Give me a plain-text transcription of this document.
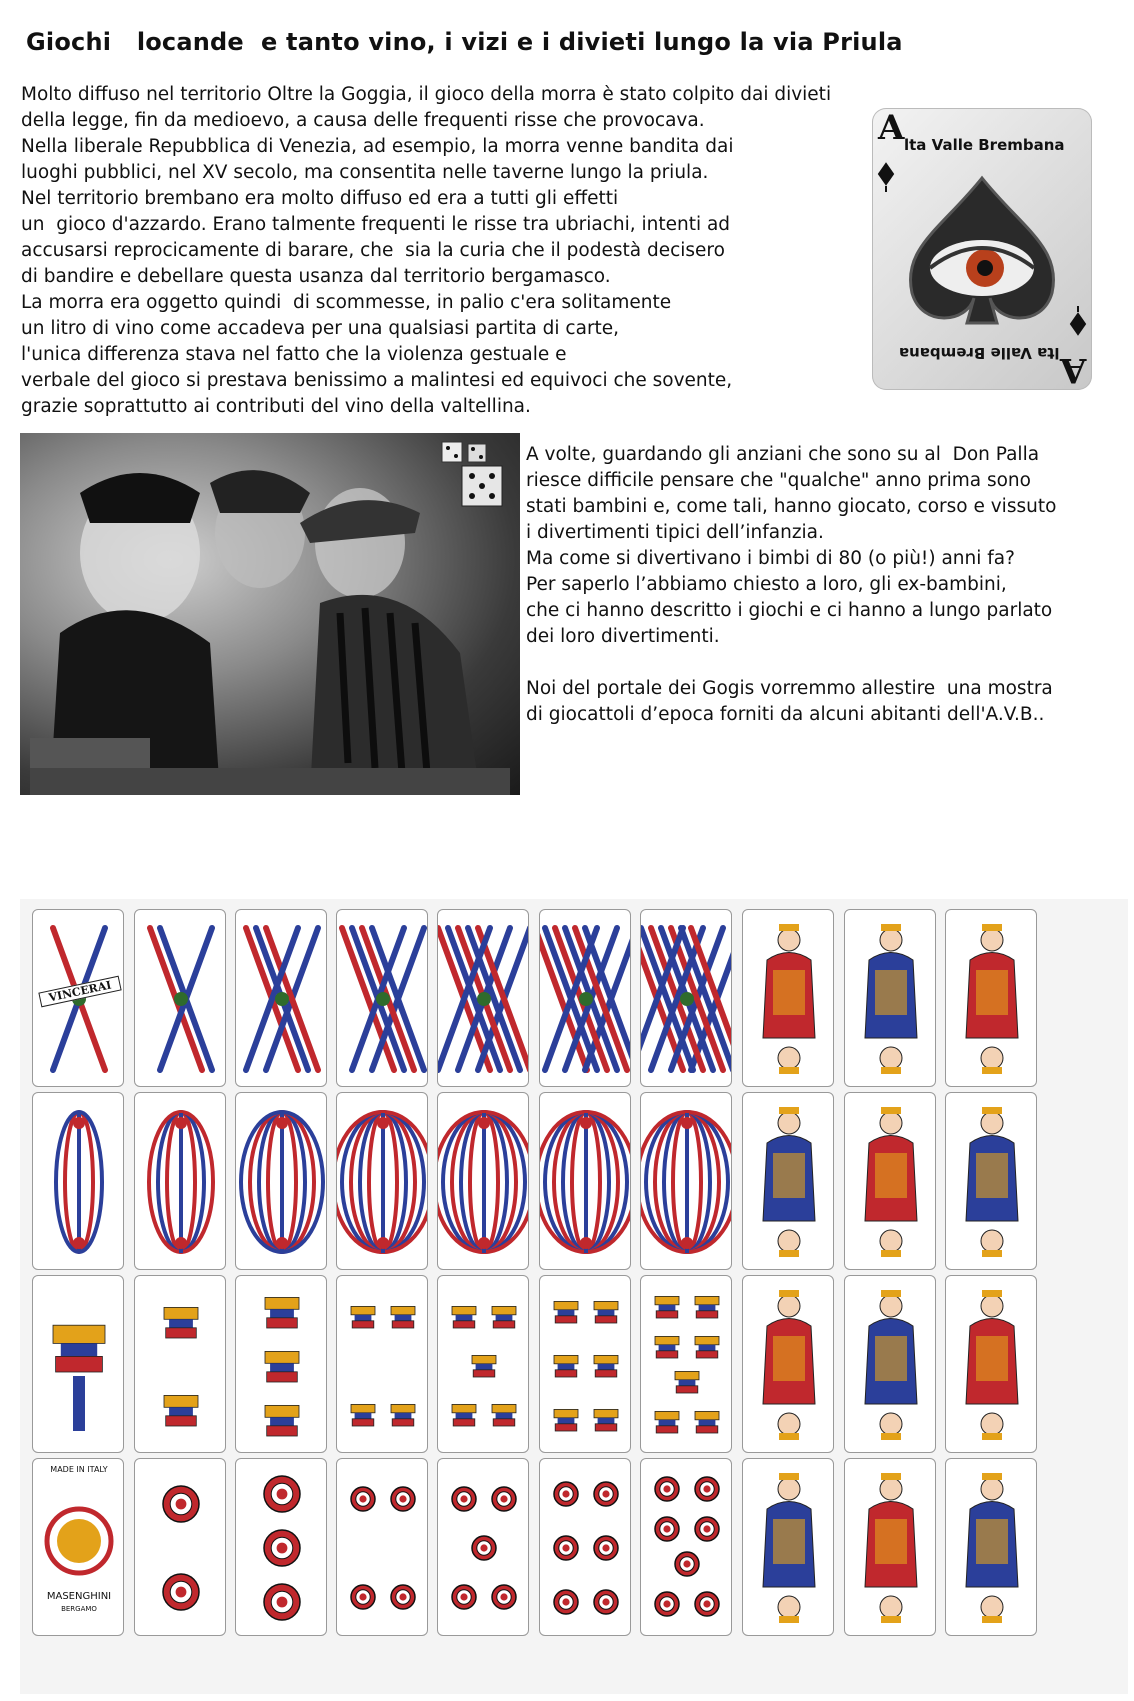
Giochi   locande  e tanto vino, i vizi e i divieti lungo la via Priula
Molto diffuso nel territorio Oltre la Goggia, il gioco della morra è stato colpito dai divieti
della legge, fin da medioevo, a causa delle frequenti risse che provocava.
Nella liberale Repubblica di Venezia, ad esempio, la morra venne bandita dai
luoghi pubblici, nel XV secolo, ma consentita nelle taverne lungo la priula.
Nel territorio brembano era molto diffuso ed era a tutti gli effetti
un  gioco d'azzardo. Erano talmente frequenti le risse tra ubriachi, intenti ad
accusarsi reprocicamente di barare, che  sia la curia che il podestà decisero
di bandire e debellare questa usanza dal territorio bergamasco.
La morra era oggetto quindi  di scommesse, in palio c'era solitamente
un litro di vino come accadeva per una qualsiasi partita di carte,
l'unica differenza stava nel fatto che la violenza gestuale e
verbale del gioco si prestava benissimo a malintesi ed equivoci che sovente,
grazie soprattutto ai contributi del vino della valtellina.
A lta Valle Brembana
A
lta Valle Brembana
A volte, guardando gli anziani che sono su al  Don Palla
riesce difficile pensare che "qualche" anno prima sono
stati bambini e, come tali, hanno giocato, corso e vissuto
i divertimenti tipici dell’infanzia.
Ma come si divertivano i bimbi di 80 (o più!) anni fa?
Per saperlo l’abbiamo chiesto a loro, gli ex-bambini,
che ci hanno descritto i giochi e ci hanno a lungo parlato
dei loro divertimenti.

Noi del portale dei Gogis vorremmo allestire  una mostra
di giocattoli d’epoca forniti da alcuni abitanti dell'A.V.B..
VINCERAI
MADE IN ITALY
MASENGHINI
BERGAMO
